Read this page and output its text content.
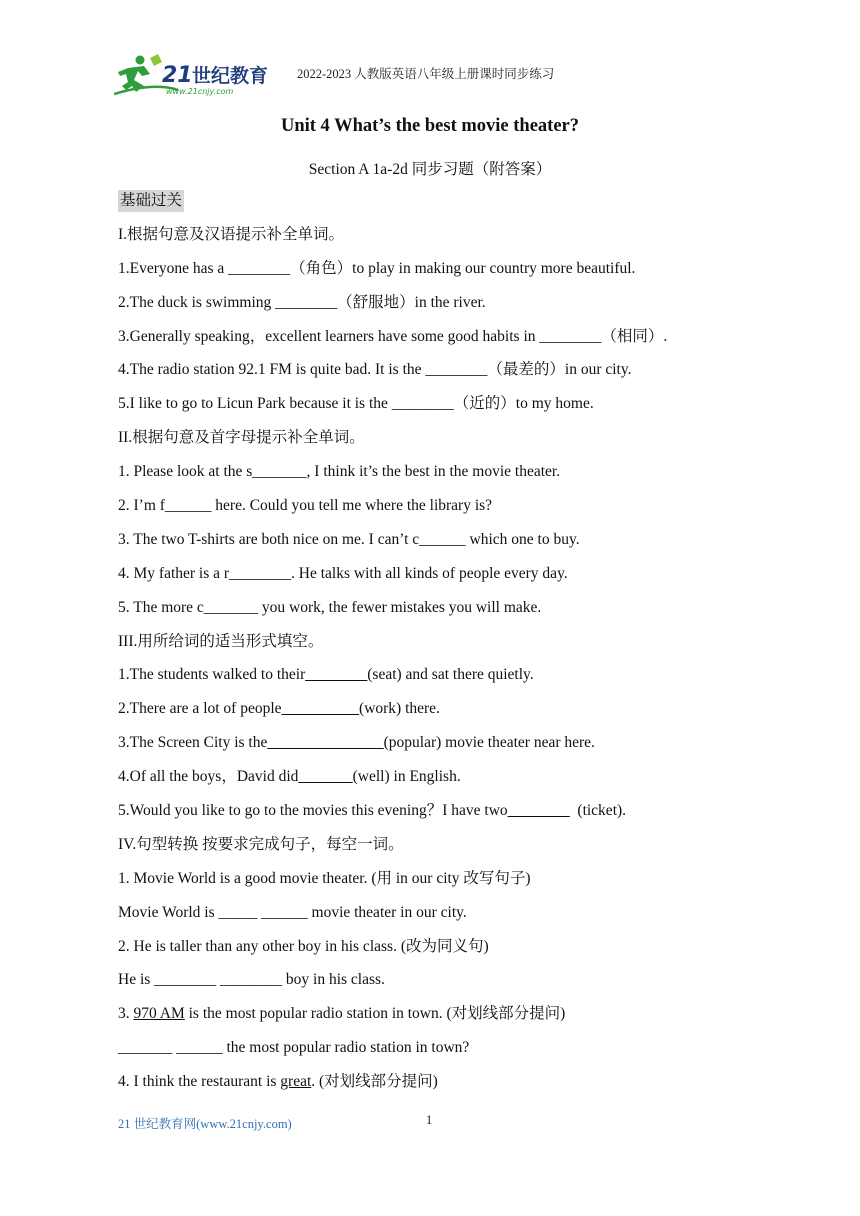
21 世纪教育
www.21cnjy.com
2022-2023 人教版英语八年级上册课时同步练习
Unit 4 What’s the best movie theater?
Section A 1a-2d 同步习题（附答案）
基础过关
I.根据句意及汉语提示补全单词。
1.Everyone has a ________（角色）to play in making our country more beautiful.
2.The duck is swimming ________（舒服地）in the river.
3.Generally speaking，excellent learners have some good habits in ________（相同）.
4.The radio station 92.1 FM is quite bad. It is the ________（最差的）in our city.
5.I like to go to Licun Park because it is the ________（近的）to my home.
II.根据句意及首字母提示补全单词。
1. Please look at the s_______, I think it’s the best in the movie theater.
2. I’m f______ here. Could you tell me where the library is?
3. The two T-shirts are both nice on me. I can’t c______ which one to buy.
4. My father is a r________. He talks with all kinds of people every day.
5. The more c_______ you work, the fewer mistakes you will make.
III.用所给词的适当形式填空。
1.The students walked to their________(seat) and sat there quietly.
2.There are a lot of people__________(work) there.
3.The Screen City is the_______________(popular) movie theater near here.
4.Of all the boys，David did_______(well) in English.
5.Would you like to go to the movies this evening？I have two________  (ticket).
IV.句型转换 按要求完成句子，每空一词。
1. Movie World is a good movie theater. (用 in our city 改写句子)
Movie World is _____ ______ movie theater in our city.
2. He is taller than any other boy in his class. (改为同义句)
He is ________ ________ boy in his class.
3. 970 AM is the most popular radio station in town. (对划线部分提问)
_______ ______ the most popular radio station in town?
4. I think the restaurant is great. (对划线部分提问)
21 世纪教育网(www.21cnjy.com)	1
